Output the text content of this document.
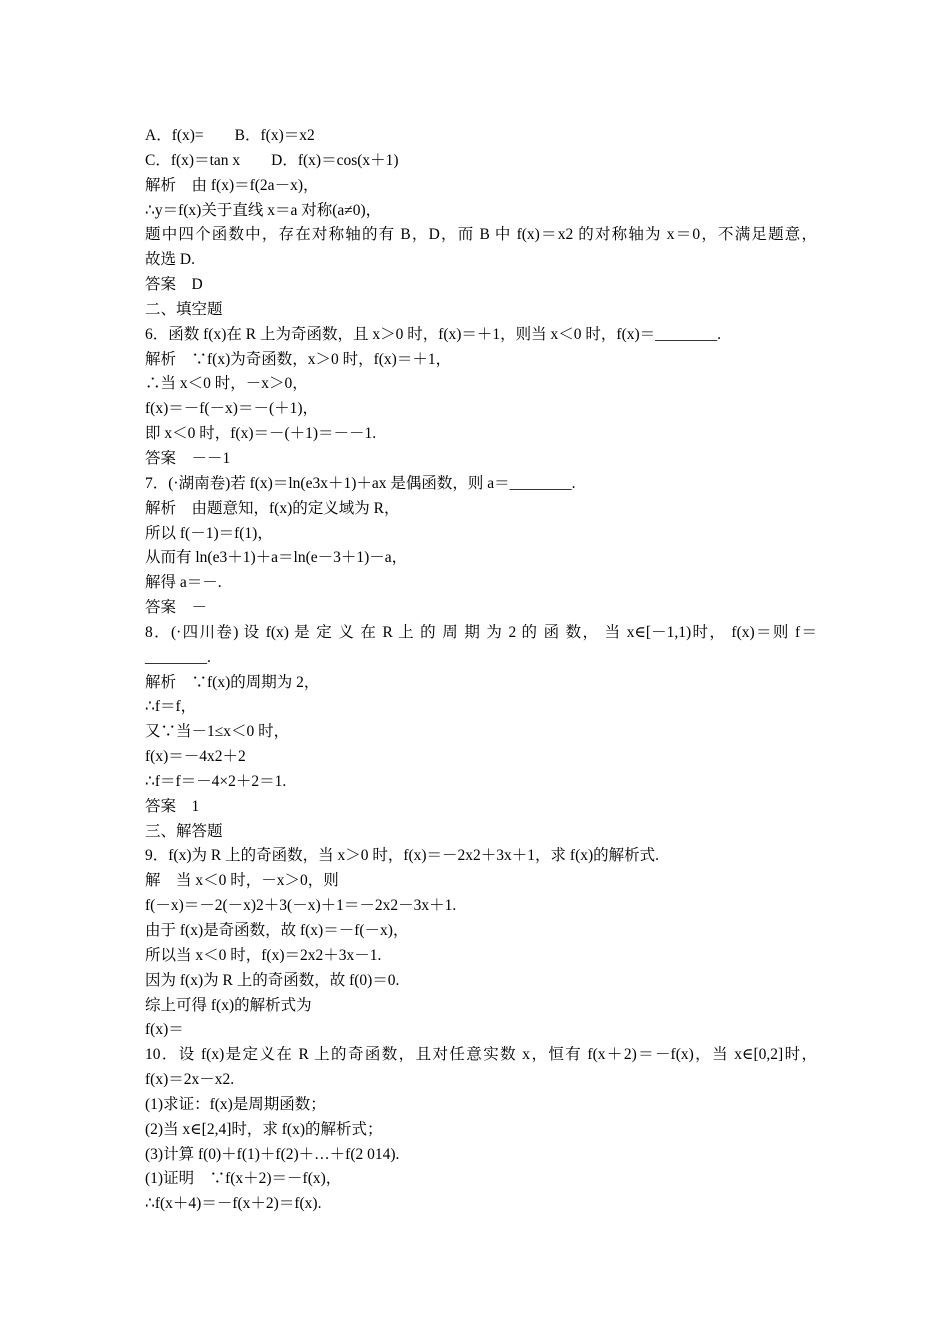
A．f(x)=　　B．f(x)＝x2
C．f(x)＝tan x　　D．f(x)＝cos(x＋1)
解析　由 f(x)＝f(2a－x)，
∴y＝f(x)关于直线 x＝a 对称(a≠0)，
题中四个函数中，存在对称轴的有 B，D，而 B 中 f(x)＝x2 的对称轴为 x＝0，不满足题意，
故选 D.
答案　D
二、填空题
6．函数 f(x)在 R 上为奇函数，且 x＞0 时，f(x)＝＋1，则当 x＜0 时，f(x)＝________.
解析　∵f(x)为奇函数，x＞0 时，f(x)＝＋1，
∴当 x＜0 时，－x＞0，
f(x)＝－f(－x)＝－(＋1)，
即 x＜0 时，f(x)＝－(＋1)＝－－1.
答案　－－1
7．(·湖南卷)若 f(x)＝ln(e3x＋1)＋ax 是偶函数，则 a＝________.
解析　由题意知，f(x)的定义域为 R，
所以 f(－1)＝f(1)，
从而有 ln(e3＋1)＋a＝ln(e－3＋1)－a，
解得 a＝－.
答案　－
8．(·四川卷) 设 f(x) 是 定 义 在 R 上 的 周 期 为 2 的 函 数， 当 x∈[－1,1)时， f(x)＝则 f＝
________.
解析　∵f(x)的周期为 2，
∴f＝f，
又∵当－1≤x＜0 时，
f(x)＝－4x2＋2
∴f＝f＝－4×2＋2＝1.
答案　1
三、解答题
9．f(x)为 R 上的奇函数，当 x＞0 时，f(x)＝－2x2＋3x＋1，求 f(x)的解析式.
解　当 x＜0 时，－x＞0，则
f(－x)＝－2(－x)2＋3(－x)＋1＝－2x2－3x＋1.
由于 f(x)是奇函数，故 f(x)＝－f(－x)，
所以当 x＜0 时，f(x)＝2x2＋3x－1.
因为 f(x)为 R 上的奇函数，故 f(0)＝0.
综上可得 f(x)的解析式为
f(x)＝
10．设 f(x)是定义在 R 上的奇函数，且对任意实数 x，恒有 f(x＋2)＝－f(x)，当 x∈[0,2]时，
f(x)＝2x－x2.
(1)求证：f(x)是周期函数；
(2)当 x∈[2,4]时，求 f(x)的解析式；
(3)计算 f(0)＋f(1)＋f(2)＋…＋f(2 014).
(1)证明　∵f(x＋2)＝－f(x)，
∴f(x＋4)＝－f(x＋2)＝f(x).
